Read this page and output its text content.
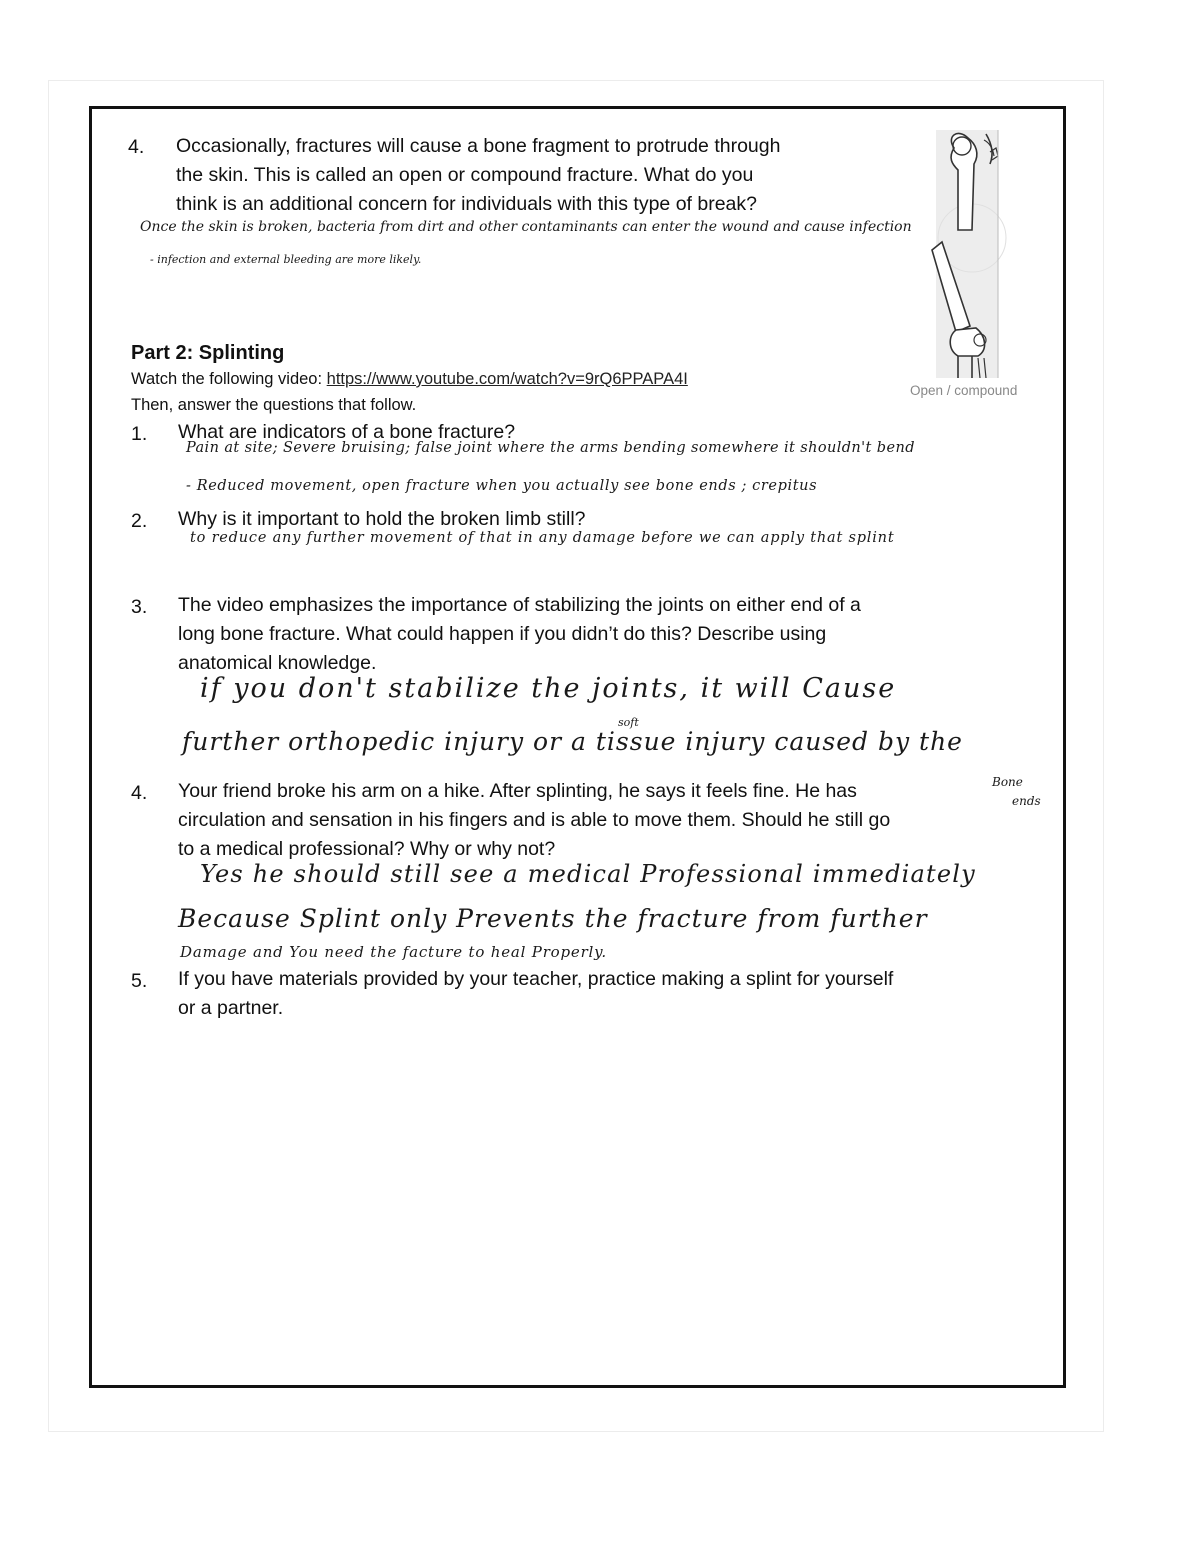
4. Occasionally, fractures will cause a bone fragment to protrude through
the skin. This is called an open or compound fracture. What do you
think is an additional concern for individuals with this type of break?
Once the skin is broken, bacteria from dirt and other contaminants can enter the wound and cause infection
- infection and external bleeding are more likely.
Open / compound
Part 2: Splinting
Watch the following video: https://www.youtube.com/watch?v=9rQ6PPAPA4I
Then, answer the questions that follow.
1. What are indicators of a bone fracture?
Pain at site; Severe bruising; false joint where the arms bending somewhere it shouldn't bend
- Reduced movement, open fracture when you actually see bone ends ; crepitus
2. Why is it important to hold the broken limb still?
to reduce any further movement of that in any damage before we can apply that splint
3. The video emphasizes the importance of stabilizing the joints on either end of a
long bone fracture. What could happen if you didn’t do this? Describe using
anatomical knowledge.
if you don't stabilize the joints, it will Cause
further orthopedic injury or a tissue injury caused by the
soft
Bone
ends
4. Your friend broke his arm on a hike. After splinting, he says it feels fine. He has
circulation and sensation in his fingers and is able to move them. Should he still go
to a medical professional? Why or why not?
Yes he should still see a medical Professional immediately
Because Splint only Prevents the fracture from further
Damage and You need the facture to heal Properly.
5. If you have materials provided by your teacher, practice making a splint for yourself
or a partner.
